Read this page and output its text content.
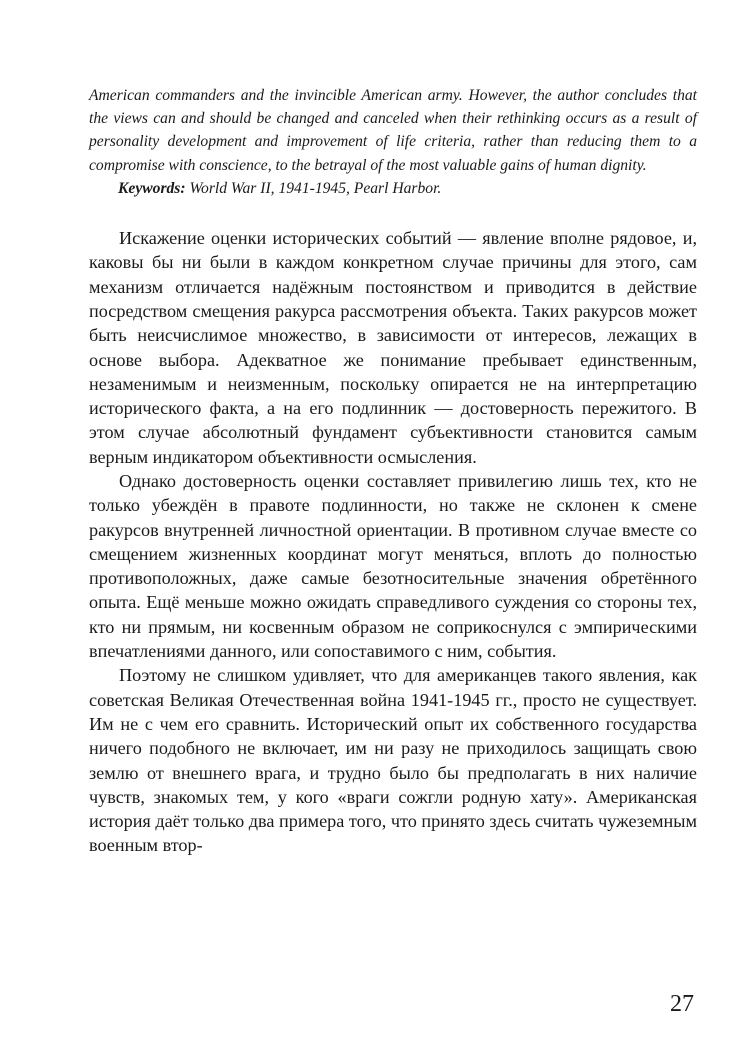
American commanders and the invincible American army. However, the author concludes that the views can and should be changed and canceled when their rethinking occurs as a result of personality development and improvement of life criteria, rather than reducing them to a compromise with conscience, to the betrayal of the most valuable gains of human dignity.

Keywords: World War II, 1941-1945, Pearl Harbor.

Искажение оценки исторических событий — явление вполне рядовое, и, каковы бы ни были в каждом конкретном случае причины для этого, сам механизм отличается надёжным постоянством и приводится в действие посредством смещения ракурса рассмотрения объекта. Таких ракурсов может быть неисчислимое множество, в зависимости от интересов, лежащих в основе выбора. Адекватное же понимание пребывает единственным, незаменимым и неизменным, поскольку опирается не на интерпретацию исторического факта, а на его подлинник — достоверность пережитого. В этом случае абсолютный фундамент субъективности становится самым верным индикатором объективности осмысления.

Однако достоверность оценки составляет привилегию лишь тех, кто не только убеждён в правоте подлинности, но также не склонен к смене ракурсов внутренней личностной ориентации. В противном случае вместе со смещением жизненных координат могут меняться, вплоть до полностью противоположных, даже самые безотносительные значения обретённого опыта. Ещё меньше можно ожидать справедливого суждения со стороны тех, кто ни прямым, ни косвенным образом не соприкоснулся с эмпирическими впечатлениями данного, или сопоставимого с ним, события.

Поэтому не слишком удивляет, что для американцев такого явления, как советская Великая Отечественная война 1941-1945 гг., просто не существует. Им не с чем его сравнить. Исторический опыт их собственного государства ничего подобного не включает, им ни разу не приходилось защищать свою землю от внешнего врага, и трудно было бы предполагать в них наличие чувств, знакомых тем, у кого «враги сожгли родную хату». Американская история даёт только два примера того, что принято здесь считать чужеземным военным втор-

27
